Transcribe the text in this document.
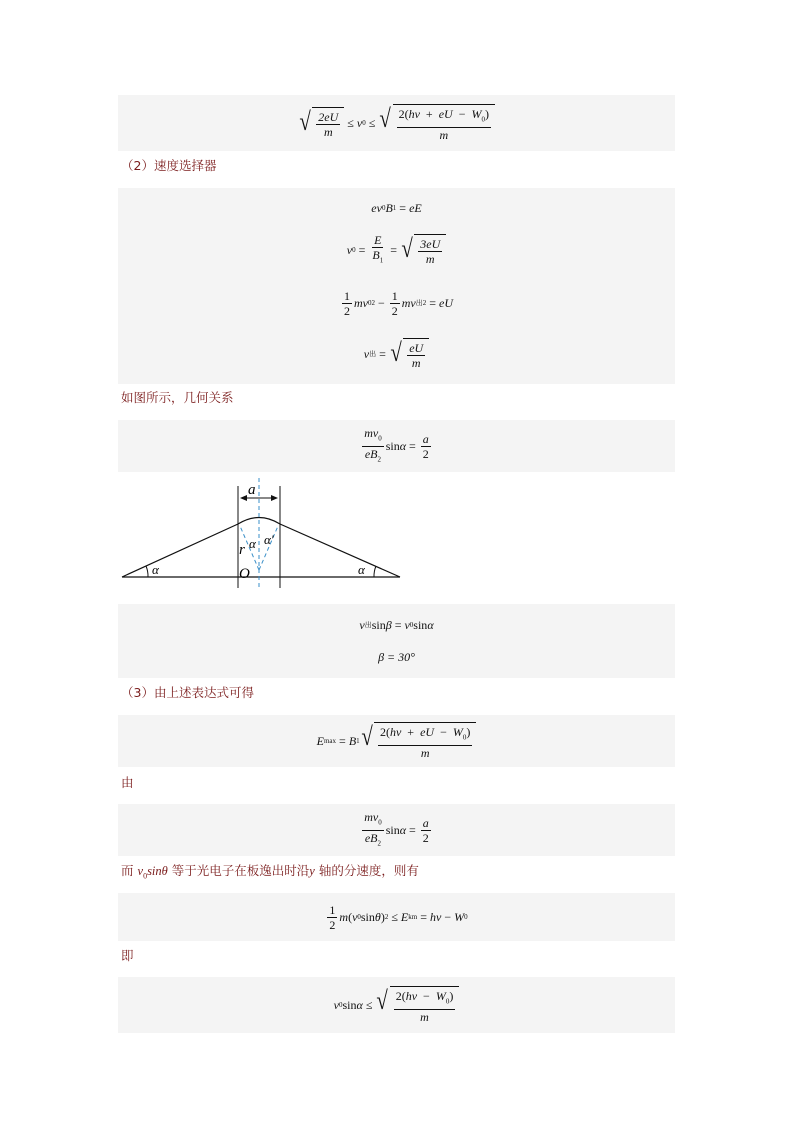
√ $\frac{2eU}{m} \le v$ 0 ≤ √ $\frac{2(h\nu + eU - W_0)}{m}$
（2）速度选择器
ev 0 B 1 = eE
v $0 = \frac{E}{B_1}$ = √ $\frac{3eU}{m}$
$\frac{1}{2}$ mv 0 $2 - \frac{1}{2}$ mv 出 2 = eU
v 出 = √ $\frac{eU}{m}$
如图所示，几何关系
$\frac{mv_0}{eB_2}$ $\sin \alpha = \frac{a}{2}$
a
α	α
α α′
r
O
v 出 sin β = v 0 sin α
β = 30°
（3）由上述表达式可得
E max = B 1 √ $\frac{2(h\nu + eU - W_0)}{m}$
由
$\frac{mv_0}{eB_2}$ $\sin \alpha = \frac{a}{2}$
而 $v_0\sin\theta$ 等于光电子在板逸出时沿y 轴的分速度，则有
$\frac{1}{2}$ m ( v 0 sin θ ) 2 ≤ E km = hν − W 0
即
v 0 sin α ≤ √ $\frac{2(h\nu - W_0)}{m}$
